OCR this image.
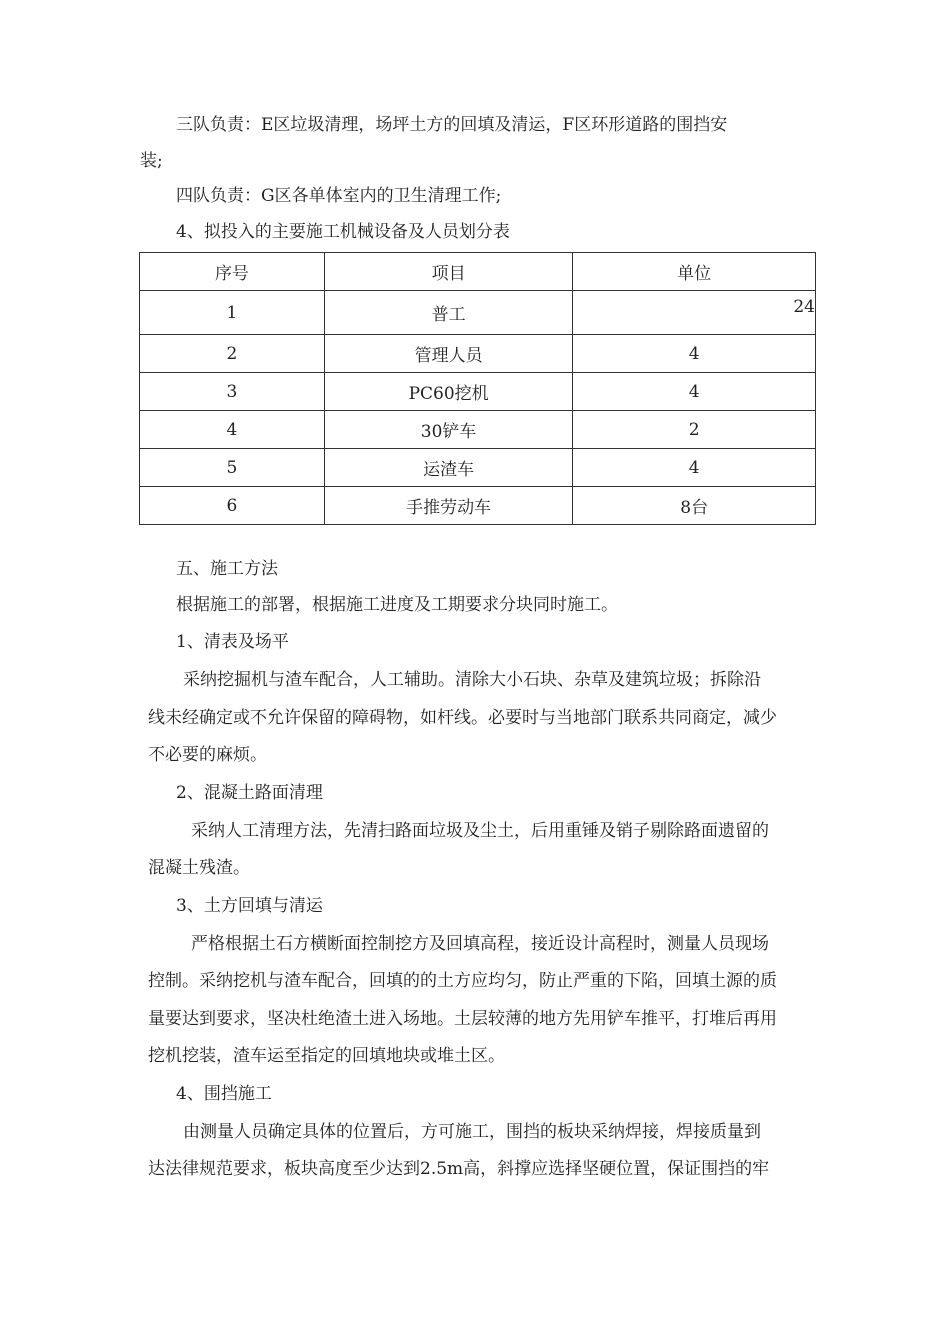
三队负责：E区垃圾清理，场坪土方的回填及清运，F区环形道路的围挡安
装;
四队负责：G区各单体室内的卫生清理工作;
4、拟投入的主要施工机械设备及人员划分表
序号	项目	单位
1	普工	24
2	管理人员	4
3	PC60挖机	4
4	30铲车	2
5	运渣车	4
6	手推劳动车	8台
五、施工方法
根据施工的部署，根据施工进度及工期要求分块同时施工。
1、清表及场平
采纳挖掘机与渣车配合，人工辅助。清除大小石块、杂草及建筑垃圾；拆除沿
线未经确定或不允许保留的障碍物，如杆线。必要时与当地部门联系共同商定，减少
不必要的麻烦。
2、混凝土路面清理
采纳人工清理方法，先清扫路面垃圾及尘土，后用重锤及销子剔除路面遗留的
混凝土残渣。
3、土方回填与清运
严格根据土石方横断面控制挖方及回填高程，接近设计高程时，测量人员现场
控制。采纳挖机与渣车配合，回填的的土方应均匀，防止严重的下陷，回填土源的质
量要达到要求，坚决杜绝渣土进入场地。土层较薄的地方先用铲车推平，打堆后再用
挖机挖装，渣车运至指定的回填地块或堆土区。
4、围挡施工
由测量人员确定具体的位置后，方可施工，围挡的板块采纳焊接，焊接质量到
达法律规范要求，板块高度至少达到2.5m高，斜撑应选择坚硬位置，保证围挡的牢
